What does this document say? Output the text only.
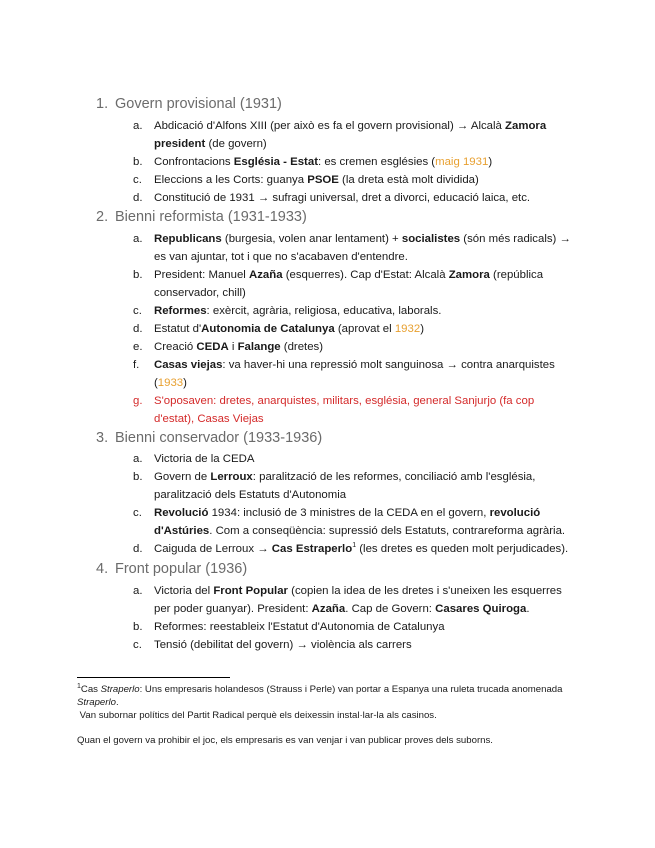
1. Govern provisional (1931)
a. Abdicació d'Alfons XIII (per això es fa el govern provisional) → Alcalà Zamora president (de govern)
b. Confrontacions Església - Estat: es cremen esglésies (maig 1931)
c. Eleccions a les Corts: guanya PSOE (la dreta està molt dividida)
d. Constitució de 1931 → sufragi universal, dret a divorci, educació laica, etc.
2. Bienni reformista (1931-1933)
a. Republicans (burgesia, volen anar lentament) + socialistes (són més radicals) → es van ajuntar, tot i que no s'acabaven d'entendre.
b. President: Manuel Azaña (esquerres). Cap d'Estat: Alcalà Zamora (república conservador, chill)
c. Reformes: exèrcit, agrària, religiosa, educativa, laborals.
d. Estatut d'Autonomia de Catalunya (aprovat el 1932)
e. Creació CEDA i Falange (dretes)
f. Casas viejas: va haver-hi una repressió molt sanguinosa → contra anarquistes (1933)
g. S'oposaven: dretes, anarquistes, militars, església, general Sanjurjo (fa cop d'estat), Casas Viejas
3. Bienni conservador (1933-1936)
a. Victoria de la CEDA
b. Govern de Lerroux: paralització de les reformes, conciliació amb l'església, paralització dels Estatuts d'Autonomia
c. Revolució 1934: inclusió de 3 ministres de la CEDA en el govern, revolució d'Astúries. Com a conseqüència: supressió dels Estatuts, contrareforma agrària.
d. Caiguda de Lerroux → Cas Estraperlo$^1$ (les dretes es queden molt perjudicades).
4. Front popular (1936)
a. Victoria del Front Popular (copien la idea de les dretes i s'uneixen les esquerres per poder guanyar). President: Azaña. Cap de Govern: Casares Quiroga.
b. Reformes: reestableix l'Estatut d'Autonomia de Catalunya
c. Tensió (debilitat del govern) → violència als carrers
$^1$Cas Straperlo: Uns empresaris holandesos (Strauss i Perle) van portar a Espanya una ruleta trucada anomenada Straperlo.
Van subornar polítics del Partit Radical perquè els deixessin instal·lar-la als casinos.
Quan el govern va prohibir el joc, els empresaris es van venjar i van publicar proves dels suborns.
